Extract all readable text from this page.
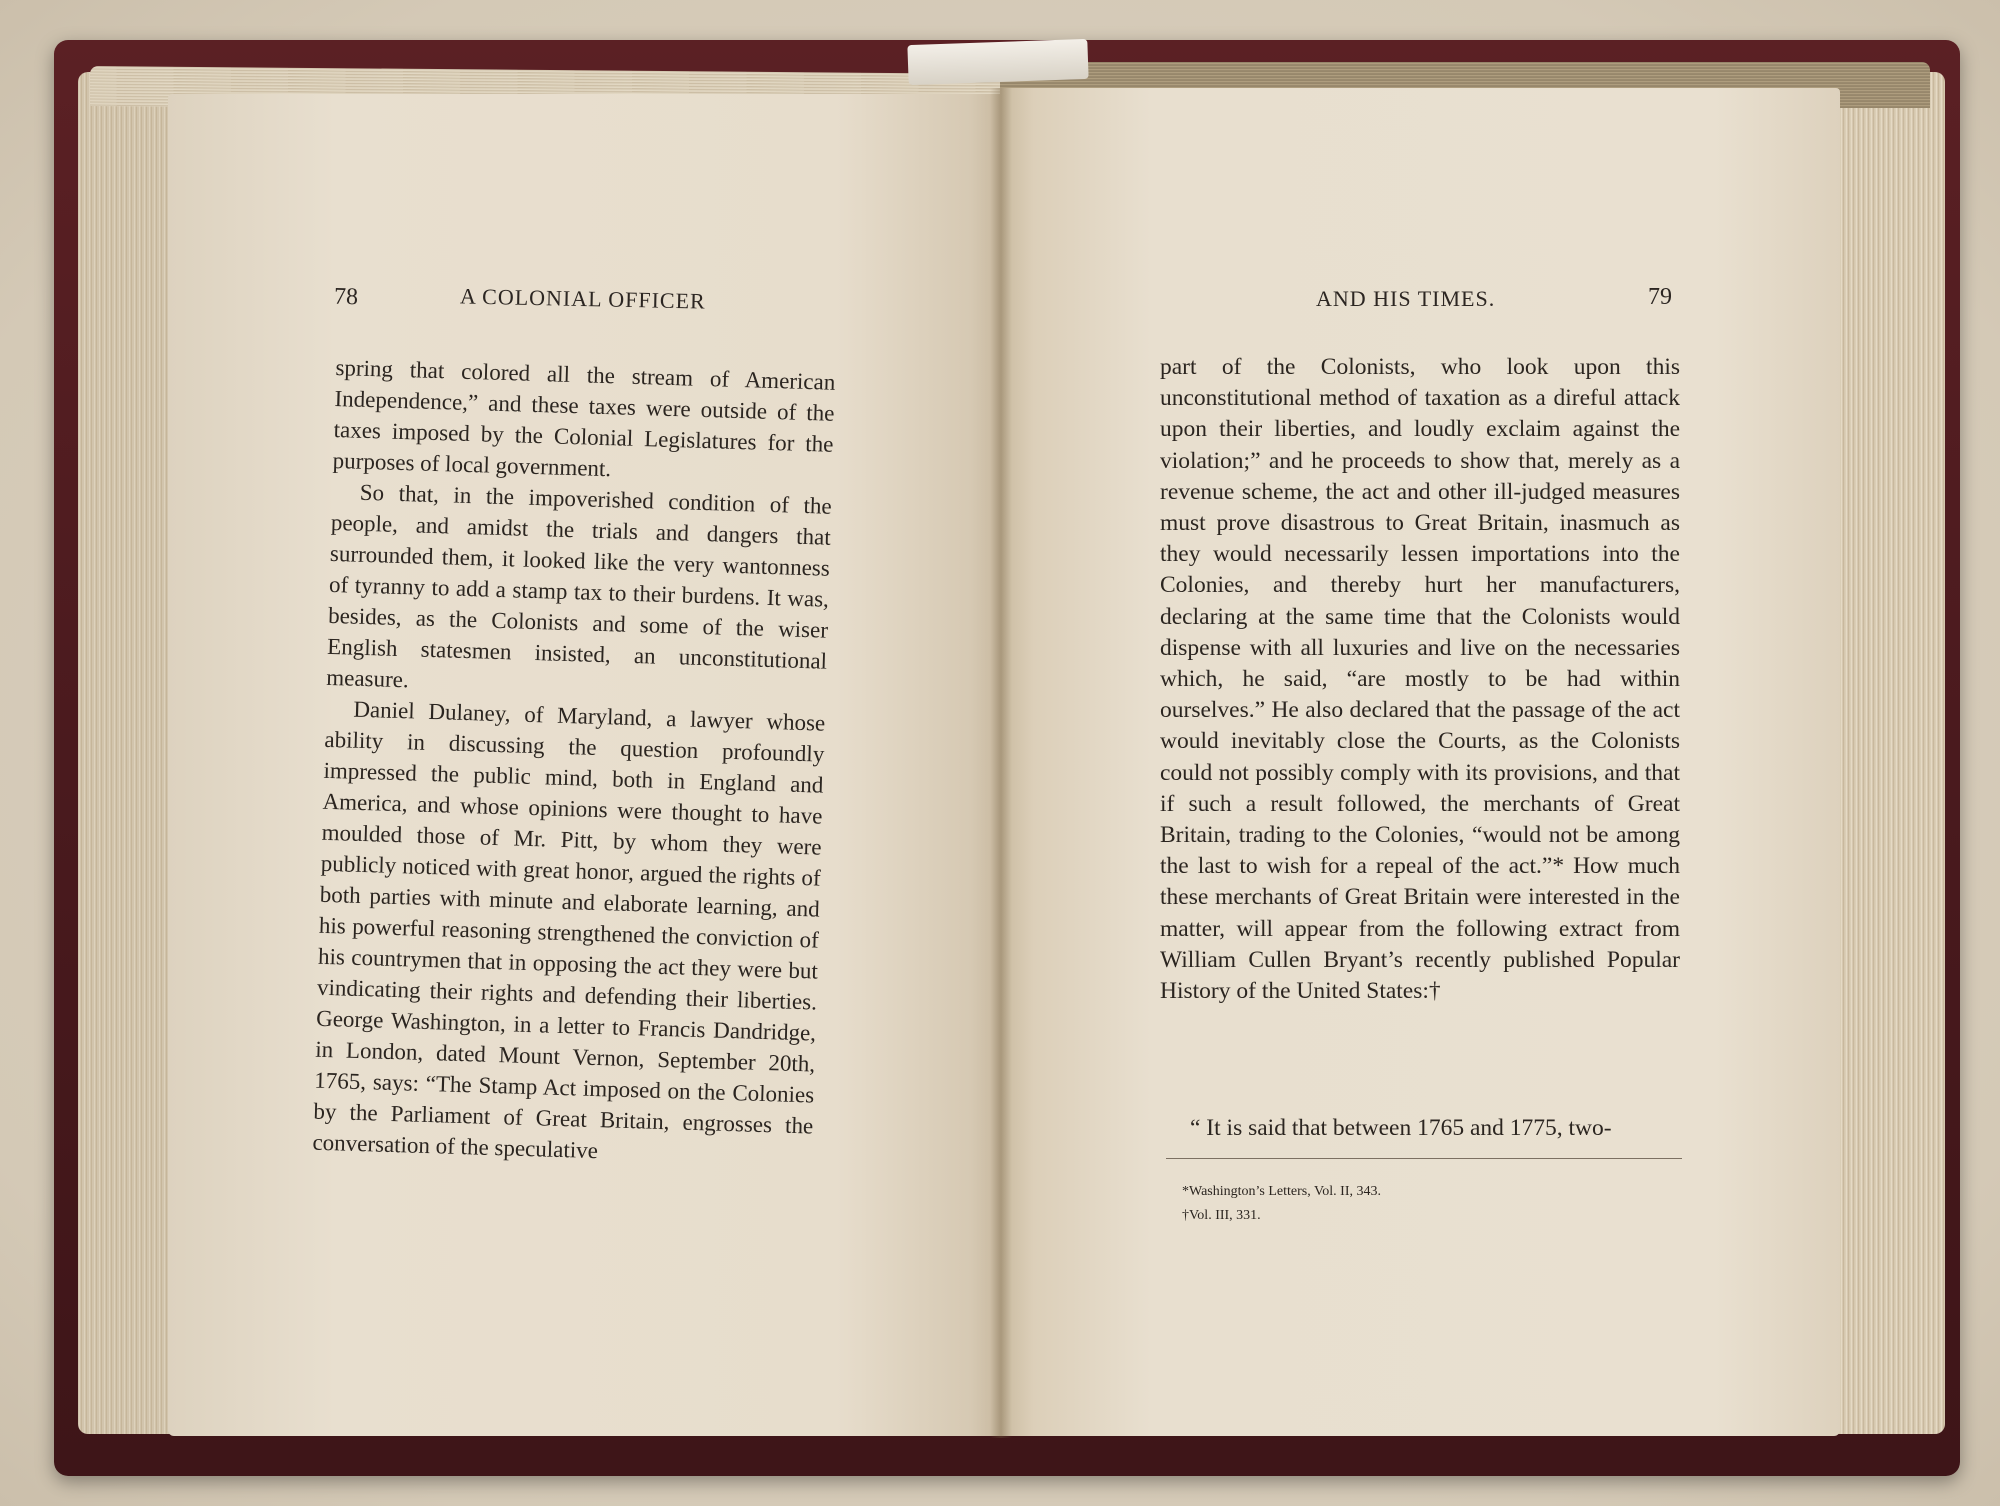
78	A COLONIAL OFFICER

spring that colored all the stream of American Independence,” and these taxes were outside of the taxes imposed by the Colonial Legislatures for the purposes of local government.

So that, in the impoverished condition of the people, and amidst the trials and dangers that surrounded them, it looked like the very wantonness of tyranny to add a stamp tax to their burdens. It was, besides, as the Colonists and some of the wiser English statesmen insisted, an unconstitutional measure.

Daniel Dulaney, of Maryland, a lawyer whose ability in discussing the question profoundly impressed the public mind, both in England and America, and whose opinions were thought to have moulded those of Mr. Pitt, by whom they were publicly noticed with great honor, argued the rights of both parties with minute and elaborate learning, and his powerful reasoning strengthened the conviction of his countrymen that in opposing the act they were but vindicating their rights and defending their liberties. George Washington, in a letter to Francis Dandridge, in London, dated Mount Vernon, September 20th, 1765, says: “The Stamp Act imposed on the Colonies by the Parliament of Great Britain, engrosses the conversation of the speculative

AND HIS TIMES.	79

part of the Colonists, who look upon this unconstitutional method of taxation as a direful attack upon their liberties, and loudly exclaim against the violation;” and he proceeds to show that, merely as a revenue scheme, the act and other ill-judged measures must prove disastrous to Great Britain, inasmuch as they would necessarily lessen importations into the Colonies, and thereby hurt her manufacturers, declaring at the same time that the Colonists would dispense with all luxuries and live on the necessaries which, he said, “are mostly to be had within ourselves.” He also declared that the passage of the act would inevitably close the Courts, as the Colonists could not possibly comply with its provisions, and that if such a result followed, the merchants of Great Britain, trading to the Colonies, “would not be among the last to wish for a repeal of the act.”* How much these merchants of Great Britain were interested in the matter, will appear from the following extract from William Cullen Bryant’s recently published Popular History of the United States:†

“ It is said that between 1765 and 1775, two-
*Washington’s Letters, Vol. II, 343.
†Vol. III, 331.
